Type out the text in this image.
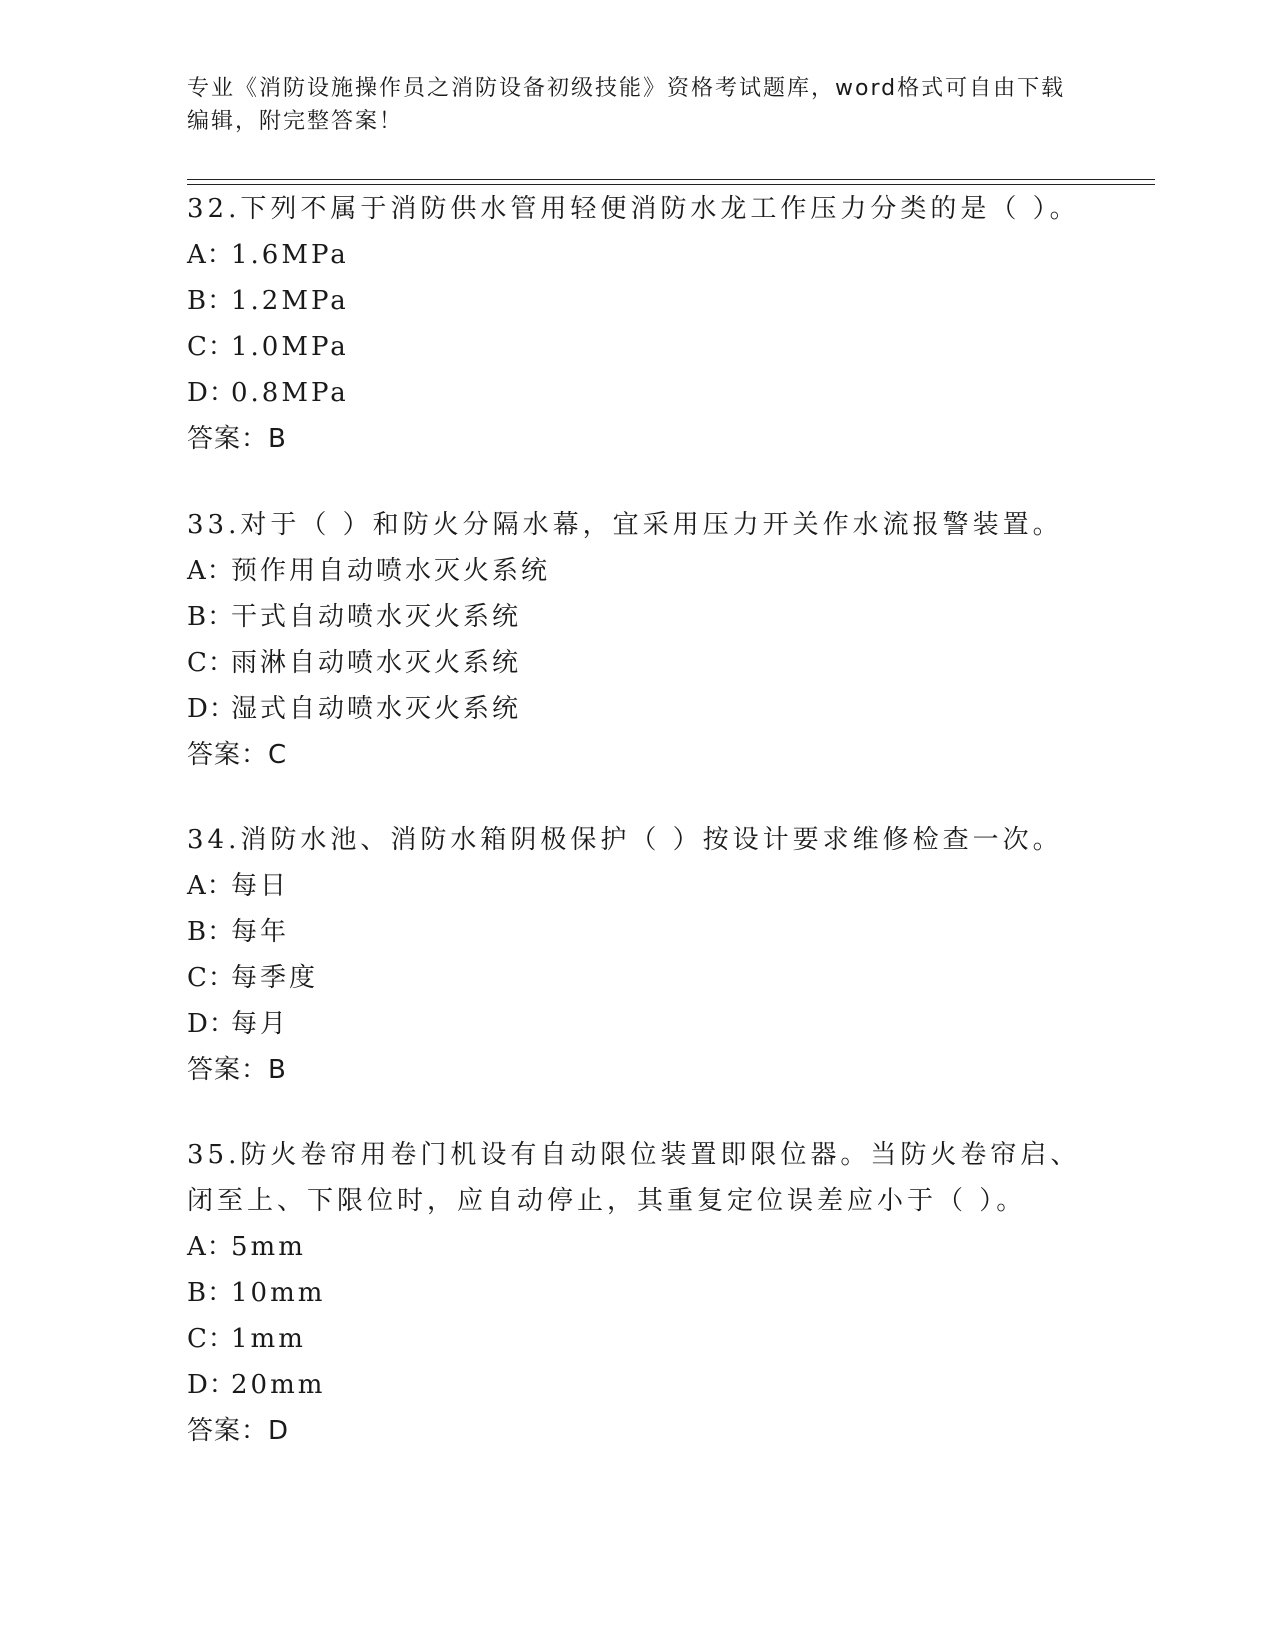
专业《消防设施操作员之消防设备初级技能》资格考试题库，word格式可自由下载编辑，附完整答案！

32.下列不属于消防供水管用轻便消防水龙工作压力分类的是（ ）。

A：1.6MPa

B：1.2MPa

C：1.0MPa

D：0.8MPa

答案：B

33.对于（ ）和防火分隔水幕，宜采用压力开关作水流报警装置。

A：预作用自动喷水灭火系统

B：干式自动喷水灭火系统

C：雨淋自动喷水灭火系统

D：湿式自动喷水灭火系统

答案：C

34.消防水池、消防水箱阴极保护（ ）按设计要求维修检查一次。

A：每日

B：每年

C：每季度

D：每月

答案：B

35.防火卷帘用卷门机设有自动限位装置即限位器。当防火卷帘启、闭至上、下限位时，应自动停止，其重复定位误差应小于（ ）。

A：5mm

B：10mm

C：1mm

D：20mm

答案：D
